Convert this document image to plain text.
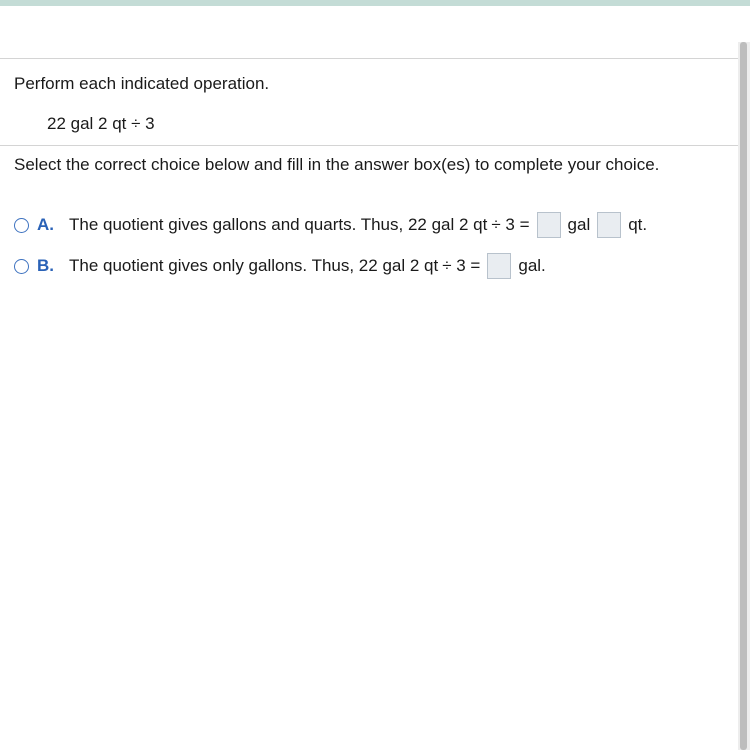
Perform each indicated operation.
22 gal 2 qt ÷ 3
Select the correct choice below and fill in the answer box(es) to complete your choice.
A. The quotient gives gallons and quarts. Thus, 22 gal 2 qt ÷ 3 = gal qt.
B. The quotient gives only gallons. Thus, 22 gal 2 qt ÷ 3 = gal.
